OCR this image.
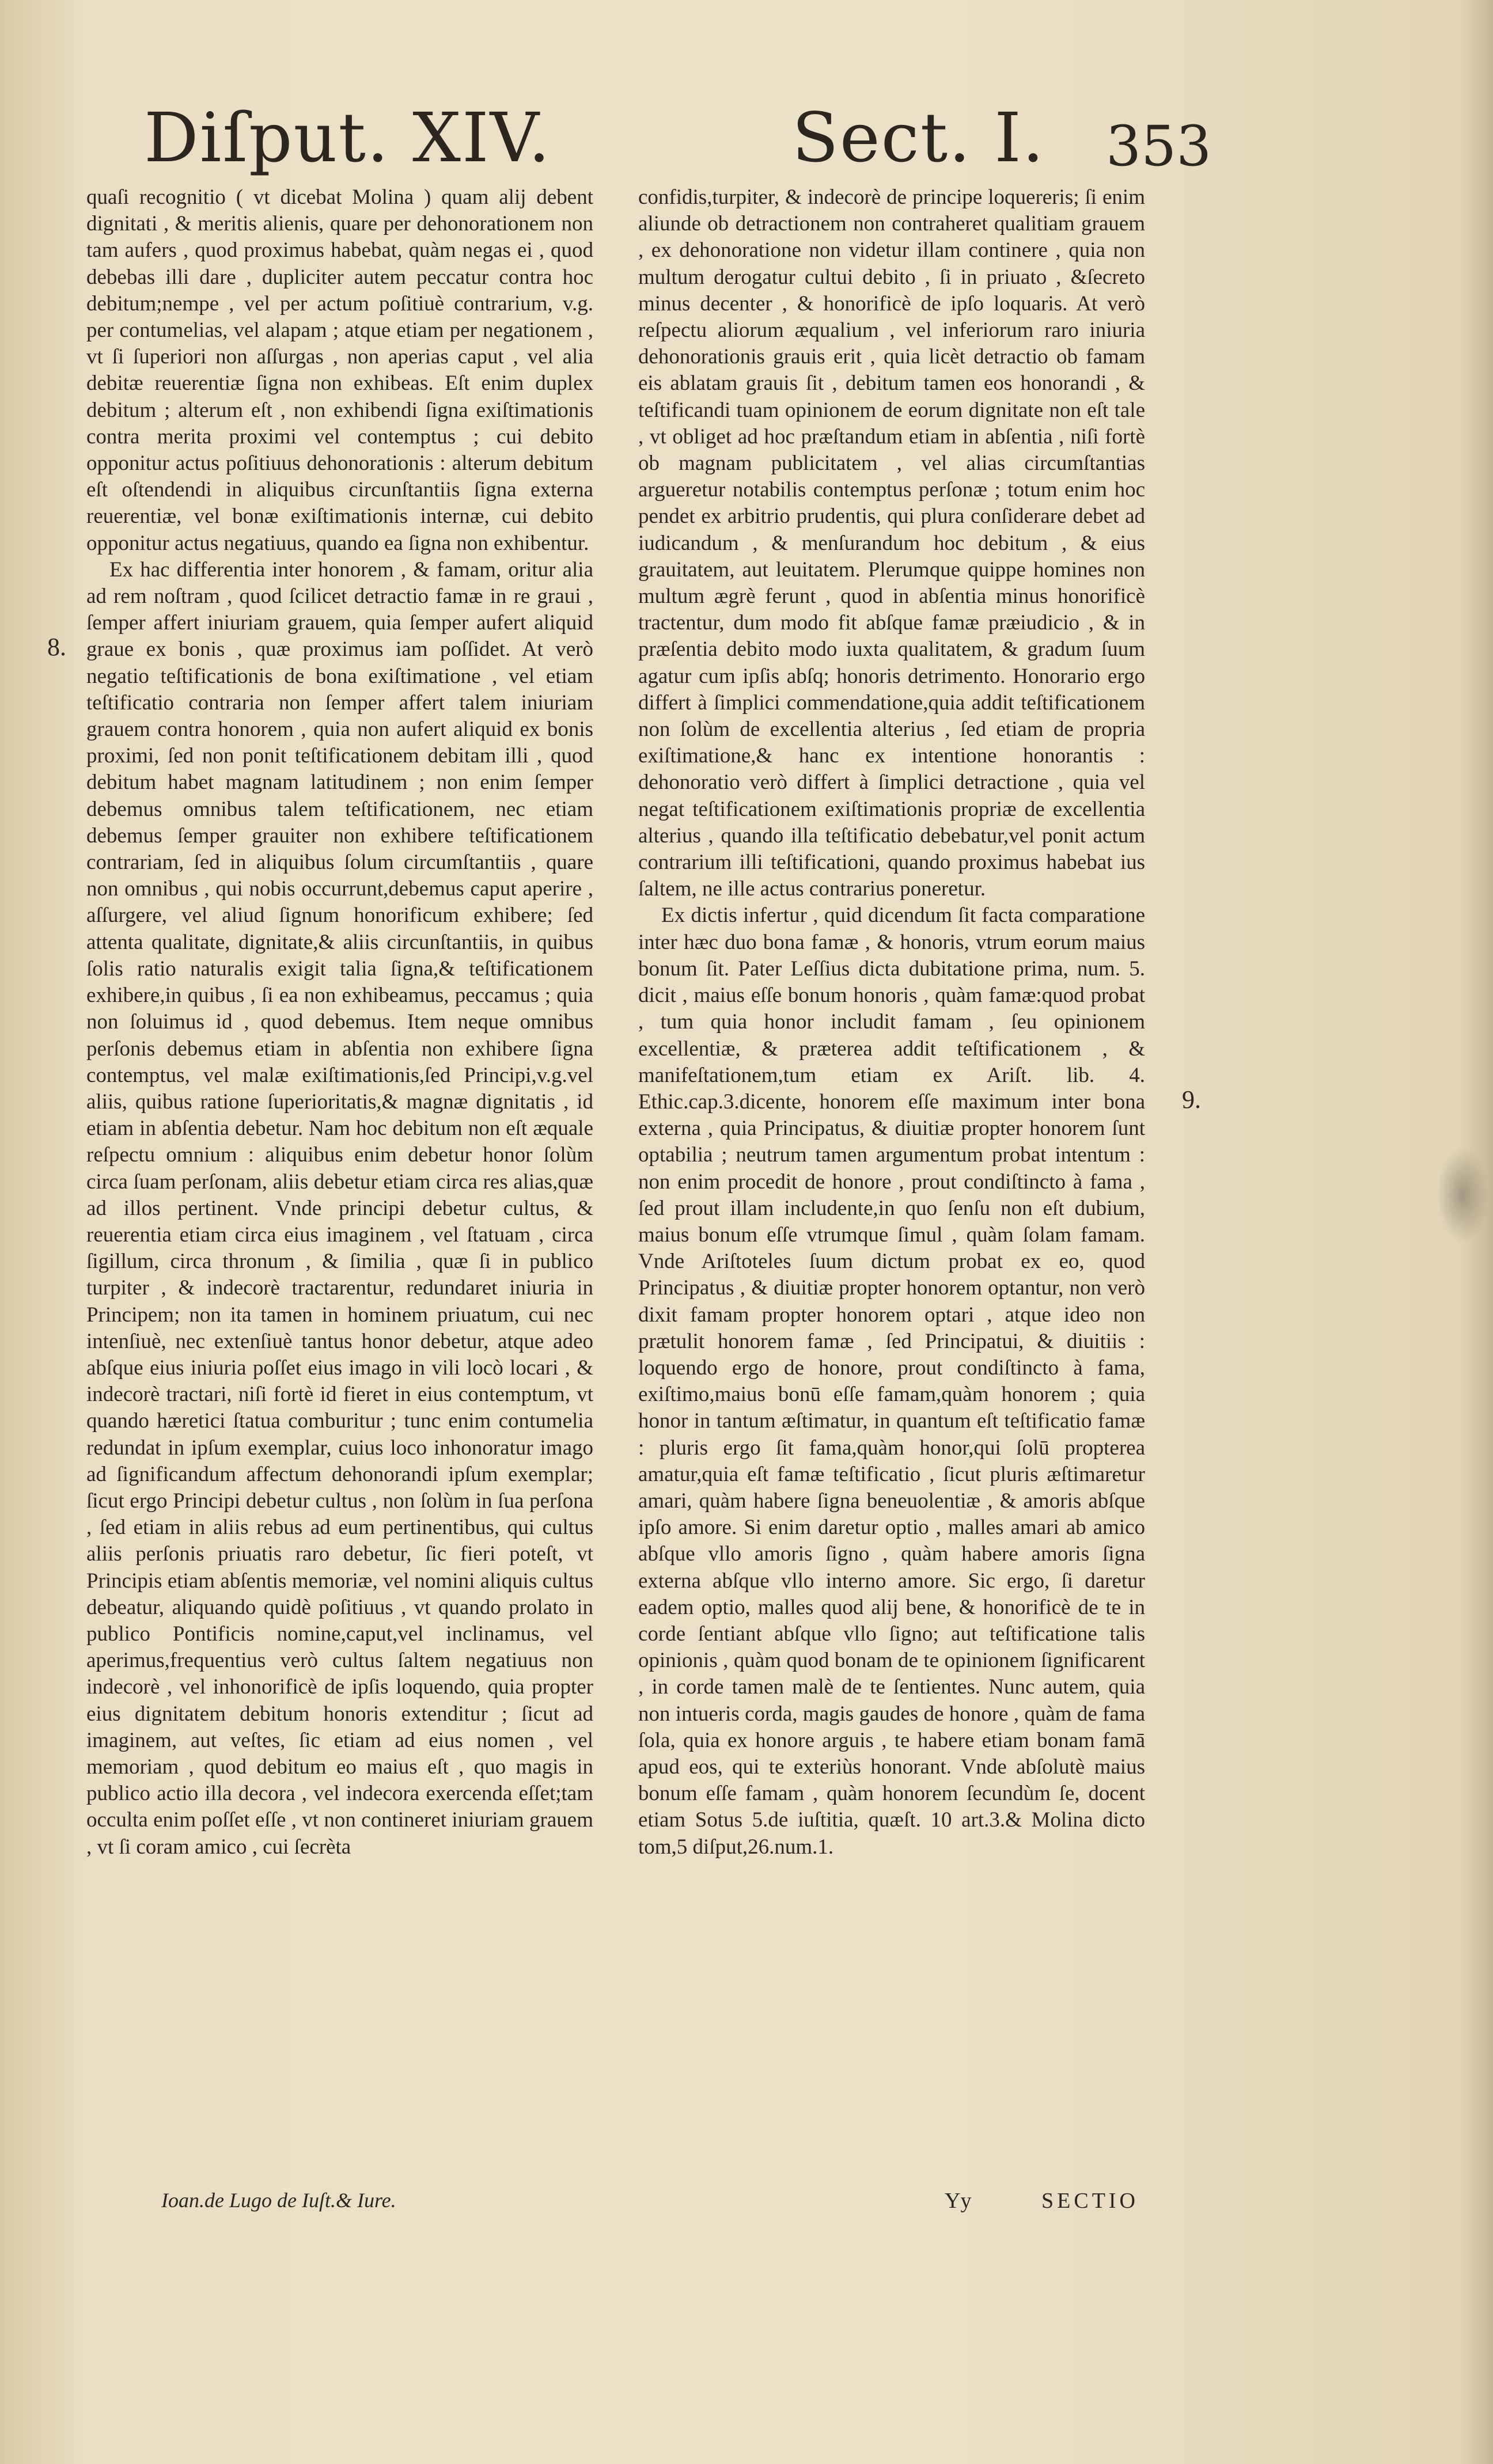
Diſput. XIV.	Sect. I. 353
8.
9.

quaſi recognitio ( vt dicebat Molina ) quam alij debent dignitati , & meritis alienis, quare per dehonorationem non tam aufers , quod proximus habebat, quàm negas ei , quod debebas illi dare , dupliciter autem peccatur contra hoc debitum;nempe , vel per actum poſitiuè contrarium, v.g. per contumelias, vel alapam ; atque etiam per negationem , vt ſi ſuperiori non aſſurgas , non aperias caput , vel alia debitæ reuerentiæ ſigna non exhibeas. Eſt enim duplex debitum ; alterum eſt , non exhibendi ſigna exiſtimationis contra merita proximi vel contemptus ; cui debito opponitur actus poſitiuus dehonorationis : alterum debitum eſt oſtendendi in aliquibus circunſtantiis ſigna externa reuerentiæ, vel bonæ exiſtimationis internæ, cui debito opponitur actus negatiuus, quando ea ſigna non exhibentur.

Ex hac differentia inter honorem , & famam, oritur alia ad rem noſtram , quod ſcilicet detractio famæ in re graui , ſemper affert iniuriam grauem, quia ſemper aufert aliquid graue ex bonis , quæ proximus iam poſſidet. At verò negatio teſtificationis de bona exiſtimatione , vel etiam teſtificatio contraria non ſemper affert talem iniuriam grauem contra honorem , quia non aufert aliquid ex bonis proximi, ſed non ponit teſtificationem debitam illi , quod debitum habet magnam latitudinem ; non enim ſemper debemus omnibus talem teſtificationem, nec etiam debemus ſemper grauiter non exhibere teſtificationem contrariam, ſed in aliquibus ſolum circumſtantiis , quare non omnibus , qui nobis occurrunt,debemus caput aperire , aſſurgere, vel aliud ſignum honorificum exhibere; ſed attenta qualitate, dignitate,& aliis circunſtantiis, in quibus ſolis ratio naturalis exigit talia ſigna,& teſtificationem exhibere,in quibus , ſi ea non exhibeamus, peccamus ; quia non ſoluimus id , quod debemus. Item neque omnibus perſonis debemus etiam in abſentia non exhibere ſigna contemptus, vel malæ exiſtimationis,ſed Principi,v.g.vel aliis, quibus ratione ſuperioritatis,& magnæ dignitatis , id etiam in abſentia debetur. Nam hoc debitum non eſt æquale reſpectu omnium : aliquibus enim debetur honor ſolùm circa ſuam perſonam, aliis debetur etiam circa res alias,quæ ad illos pertinent. Vnde principi debetur cultus, & reuerentia etiam circa eius imaginem , vel ſtatuam , circa ſigillum, circa thronum , & ſimilia , quæ ſi in publico turpiter , & indecorè tractarentur, redundaret iniuria in Principem; non ita tamen in hominem priuatum, cui nec intenſiuè, nec extenſiuè tantus honor debetur, atque adeo abſque eius iniuria poſſet eius imago in vili locò locari , & indecorè tractari, niſi fortè id fieret in eius contemptum, vt quando hæretici ſtatua comburitur ; tunc enim contumelia redundat in ipſum exemplar, cuius loco inhonoratur imago ad ſignificandum affectum dehonorandi ipſum exemplar; ſicut ergo Principi debetur cultus , non ſolùm in ſua perſona , ſed etiam in aliis rebus ad eum pertinentibus, qui cultus aliis perſonis priuatis raro debetur, ſic fieri poteſt, vt Principis etiam abſentis memoriæ, vel nomini aliquis cultus debeatur, aliquando quidè poſitiuus , vt quando prolato in publico Pontificis nomine,caput,vel inclinamus, vel aperimus,frequentius verò cultus ſaltem negatiuus non indecorè , vel inhonorificè de ipſis loquendo, quia propter eius dignitatem debitum honoris extenditur ; ſicut ad imaginem, aut veſtes, ſic etiam ad eius nomen , vel memoriam , quod debitum eo maius eſt , quo magis in publico actio illa decora , vel indecora exercenda eſſet;tam occulta enim poſſet eſſe , vt non contineret iniuriam grauem , vt ſi coram amico , cui ſecrèta

confidis,turpiter, & indecorè de principe loquereris; ſi enim aliunde ob detractionem non contraheret qualitiam grauem , ex dehonoratione non videtur illam continere , quia non multum derogatur cultui debito , ſi in priuato , &ſecreto minus decenter , & honorificè de ipſo loquaris. At verò reſpectu aliorum æqualium , vel inferiorum raro iniuria dehonorationis grauis erit , quia licèt detractio ob famam eis ablatam grauis ſit , debitum tamen eos honorandi , & teſtificandi tuam opinionem de eorum dignitate non eſt tale , vt obliget ad hoc præſtandum etiam in abſentia , niſi fortè ob magnam publicitatem , vel alias circumſtantias argueretur notabilis contemptus perſonæ ; totum enim hoc pendet ex arbitrio prudentis, qui plura conſiderare debet ad iudicandum , & menſurandum hoc debitum , & eius grauitatem, aut leuitatem. Plerumque quippe homines non multum ægrè ferunt , quod in abſentia minus honorificè tractentur, dum modo fit abſque famæ præiudicio , & in præſentia debito modo iuxta qualitatem, & gradum ſuum agatur cum ipſis abſq; honoris detrimento. Honorario ergo differt à ſimplici commendatione,quia addit teſtificationem non ſolùm de excellentia alterius , ſed etiam de propria exiſtimatione,& hanc ex intentione honorantis : dehonoratio verò differt à ſimplici detractione , quia vel negat teſtificationem exiſtimationis propriæ de excellentia alterius , quando illa teſtificatio debebatur,vel ponit actum contrarium illi teſtificationi, quando proximus habebat ius ſaltem, ne ille actus contrarius poneretur.

Ex dictis infertur , quid dicendum ſit facta comparatione inter hæc duo bona famæ , & honoris, vtrum eorum maius bonum ſit. Pater Leſſius dicta dubitatione prima, num. 5. dicit , maius eſſe bonum honoris , quàm famæ:quod probat , tum quia honor includit famam , ſeu opinionem excellentiæ, & præterea addit teſtificationem , & manifeſtationem,tum etiam ex Ariſt. lib. 4. Ethic.cap.3.dicente, honorem eſſe maximum inter bona externa , quia Principatus, & diuitiæ propter honorem ſunt optabilia ; neutrum tamen argumentum probat intentum : non enim procedit de honore , prout condiſtincto à fama , ſed prout illam includente,in quo ſenſu non eſt dubium, maius bonum eſſe vtrumque ſimul , quàm ſolam famam. Vnde Ariſtoteles ſuum dictum probat ex eo, quod Principatus , & diuitiæ propter honorem optantur, non verò dixit famam propter honorem optari , atque ideo non prætulit honorem famæ , ſed Principatui, & diuitiis : loquendo ergo de honore, prout condiſtincto à fama, exiſtimo,maius bonū eſſe famam,quàm honorem ; quia honor in tantum æſtimatur, in quantum eſt teſtificatio famæ : pluris ergo ſit fama,quàm honor,qui ſolū propterea amatur,quia eſt famæ teſtificatio , ſicut pluris æſtimaretur amari, quàm habere ſigna beneuolentiæ , & amoris abſque ipſo amore. Si enim daretur optio , malles amari ab amico abſque vllo amoris ſigno , quàm habere amoris ſigna externa abſque vllo interno amore. Sic ergo, ſi daretur eadem optio, malles quod alij bene, & honorificè de te in corde ſentiant abſque vllo ſigno; aut teſtificatione talis opinionis , quàm quod bonam de te opinionem ſignificarent , in corde tamen malè de te ſentientes. Nunc autem, quia non intueris corda, magis gaudes de honore , quàm de fama ſola, quia ex honore arguis , te habere etiam bonam famā apud eos, qui te exteriùs honorant. Vnde abſolutè maius bonum eſſe famam , quàm honorem ſecundùm ſe, docent etiam Sotus 5.de iuſtitia, quæſt. 10 art.3.& Molina dicto tom,5 diſput,26.num.1.

Ioan.de Lugo de Iuſt.& Iure.	Yy	SECTIO
